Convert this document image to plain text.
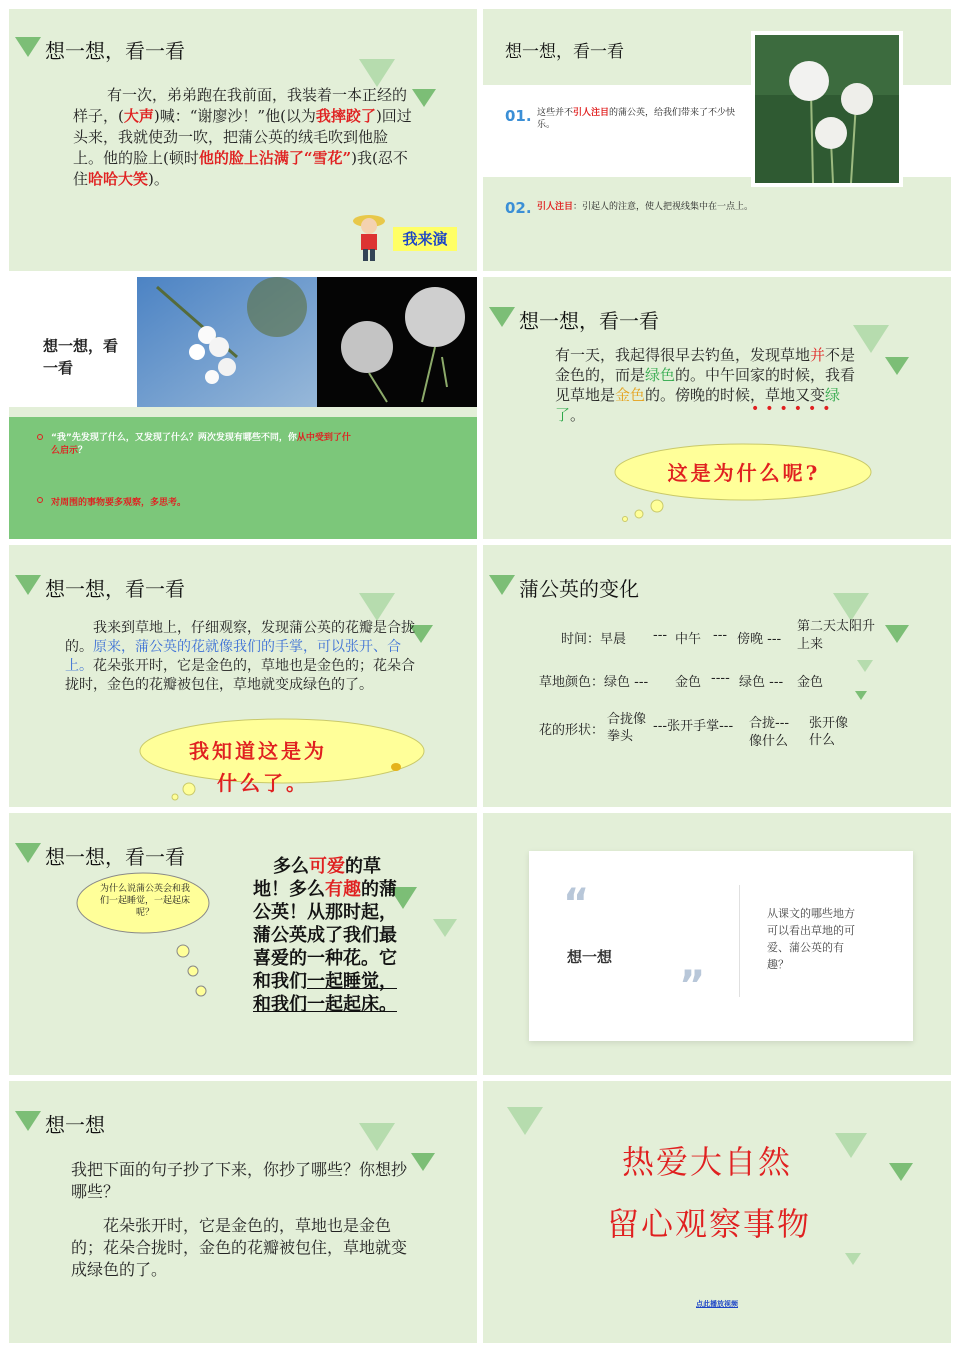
想一想，看一看
有一次，弟弟跑在我前面，我装着一本正经的样子，(大声)喊：“谢廖沙！”他(以为我摔跤了)回过头来，我就使劲一吹，把蒲公英的绒毛吹到他脸上。他的脸上(顿时他的脸上沾满了“雪花”)我(忍不住哈哈大笑)。
我来演
想一想，看一看
01. 这些并不引人注目的蒲公英，给我们带来了不少快乐。
02. 引人注目：引起人的注意，使人把视线集中在一点上。
想一想，看一看
“我”先发现了什么，又发现了什么？两次发现有哪些不同，你从中受到了什么启示？
对周围的事物要多观察，多思考。
想一想，看一看
有一天，我起得很早去钓鱼，发现草地并不是金色的，而是绿色的。中午回家的时候，我看见草地是金色的。傍晚的时候，草地又变绿了。	••••••
这是为什么呢?
想一想，看一看
我来到草地上，仔细观察，发现蒲公英的花瓣是合拢的。原来，蒲公英的花就像我们的手掌，可以张开、合上。花朵张开时，它是金色的，草地也是金色的；花朵合拢时，金色的花瓣被包住，草地就变成绿色的了。
我知道这是为
什么了。
蒲公英的变化
时间：早晨 --- 中午 --- 傍晚 ---
第二天太阳升上来
草地颜色：绿色 --- 金色 ---- 绿色 --- 金色
花的形状：
合拢像拳头
---张开手掌--- 合拢---像什么
张开像什么
想一想，看一看
为什么说蒲公英会和我们一起睡觉，一起起床呢？
多么可爱的草地！多么有趣的蒲公英！从那时起，蒲公英成了我们最喜爱的一种花。它和我们一起睡觉，和我们一起起床。
“
想一想
”
从课文的哪些地方可以看出草地的可爱、蒲公英的有趣？
想一想
我把下面的句子抄了下来，你抄了哪些？你想抄哪些？
花朵张开时，它是金色的，草地也是金色的；花朵合拢时，金色的花瓣被包住，草地就变成绿色的了。
热爱大自然
留心观察事物
点此播放视频
